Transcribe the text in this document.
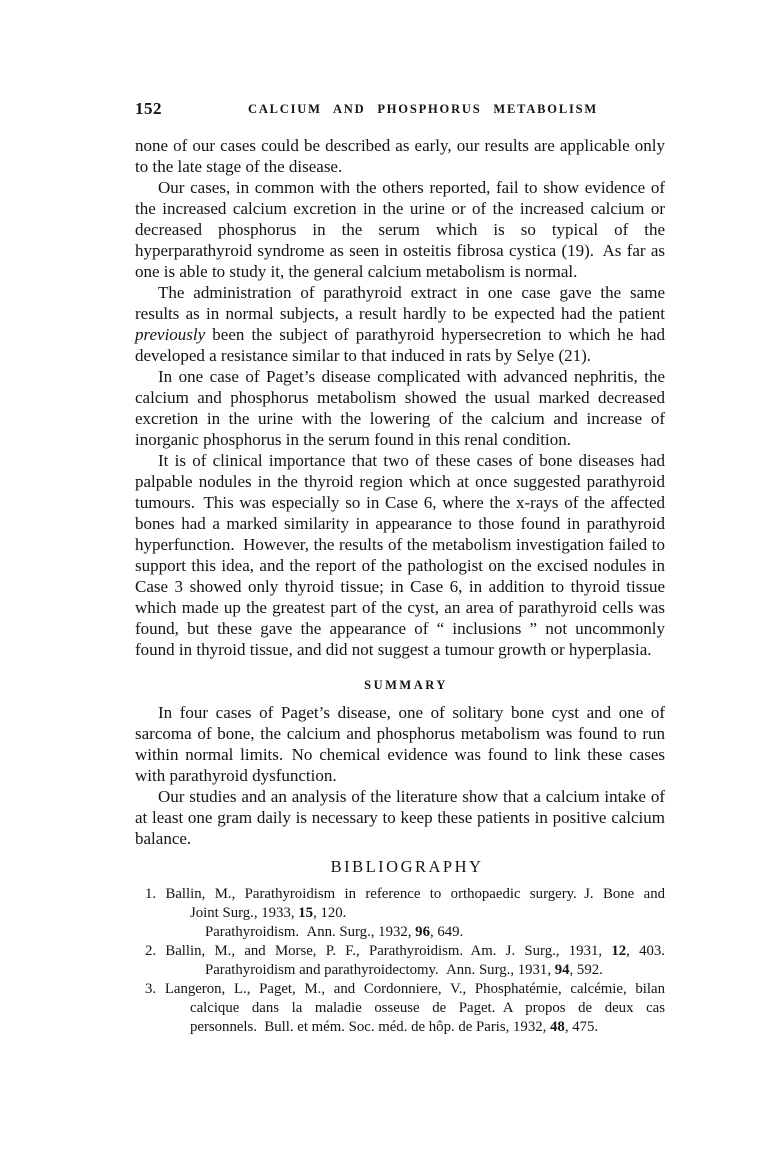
152	CALCIUM AND PHOSPHORUS METABOLISM
none of our cases could be described as early, our results are applicable only to the late stage of the disease.
Our cases, in common with the others reported, fail to show evidence of the increased calcium excretion in the urine or of the increased calcium or decreased phosphorus in the serum which is so typical of the hyperparathyroid syndrome as seen in osteitis fibrosa cystica (19). As far as one is able to study it, the general calcium metabolism is normal.
The administration of parathyroid extract in one case gave the same results as in normal subjects, a result hardly to be expected had the patient previously been the subject of parathyroid hypersecretion to which he had developed a resistance similar to that induced in rats by Selye (21).
In one case of Paget’s disease complicated with advanced nephritis, the calcium and phosphorus metabolism showed the usual marked decreased excretion in the urine with the lowering of the calcium and increase of inorganic phosphorus in the serum found in this renal condition.
It is of clinical importance that two of these cases of bone diseases had palpable nodules in the thyroid region which at once suggested parathyroid tumours. This was especially so in Case 6, where the x-rays of the affected bones had a marked similarity in appearance to those found in parathyroid hyperfunction. However, the results of the metabolism investigation failed to support this idea, and the report of the pathologist on the excised nodules in Case 3 showed only thyroid tissue; in Case 6, in addition to thyroid tissue which made up the greatest part of the cyst, an area of parathyroid cells was found, but these gave the appearance of “ inclusions ” not uncommonly found in thyroid tissue, and did not suggest a tumour growth or hyperplasia.
SUMMARY
In four cases of Paget’s disease, one of solitary bone cyst and one of sarcoma of bone, the calcium and phosphorus metabolism was found to run within normal limits. No chemical evidence was found to link these cases with parathyroid dysfunction.
Our studies and an analysis of the literature show that a calcium intake of at least one gram daily is necessary to keep these patients in positive calcium balance.
BIBLIOGRAPHY
1. Ballin, M., Parathyroidism in reference to orthopaedic surgery. J. Bone and
Joint Surg., 1933, 15, 120.
Parathyroidism. Ann. Surg., 1932, 96, 649.
2. Ballin, M., and Morse, P. F., Parathyroidism. Am. J. Surg., 1931, 12, 403.
Parathyroidism and parathyroidectomy. Ann. Surg., 1931, 94, 592.
3. Langeron, L., Paget, M., and Cordonniere, V., Phosphatémie, calcémie, bilan
calcique dans la maladie osseuse de Paget. A propos de deux cas
personnels. Bull. et mém. Soc. méd. de hôp. de Paris, 1932, 48, 475.
